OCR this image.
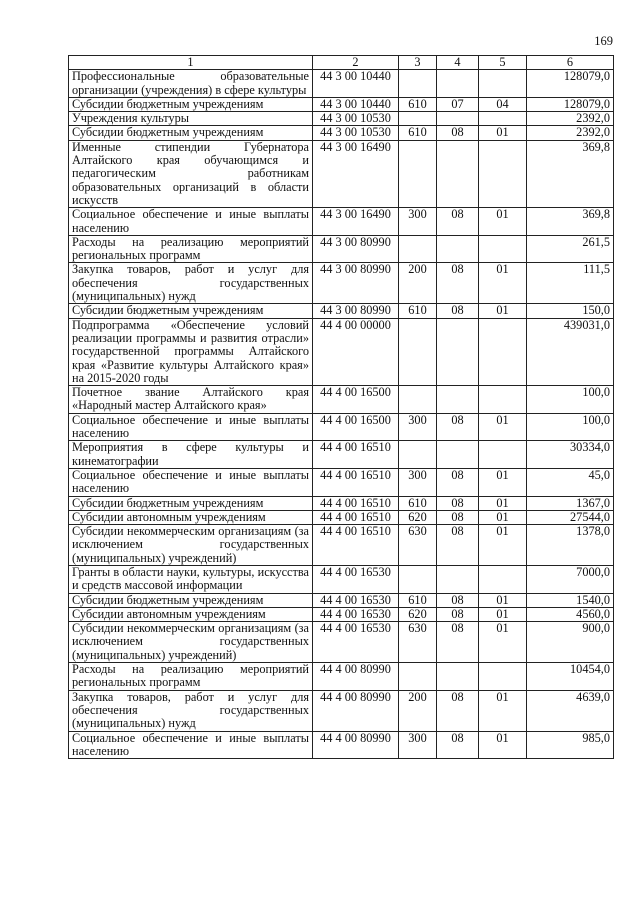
169
1	2	3	4	5	6
Профессиональные образовательные организации (учреждения) в сфере культуры	44 3 00 10440				128079,0
Субсидии бюджетным учреждениям	44 3 00 10440	610	07	04	128079,0
Учреждения культуры	44 3 00 10530				2392,0
Субсидии бюджетным учреждениям	44 3 00 10530	610	08	01	2392,0
Именные стипендии Губернатора Алтайского края обучающимся и педагогическим работникам образовательных организаций в области искусств	44 3 00 16490				369,8
Социальное обеспечение и иные выплаты населению	44 3 00 16490	300	08	01	369,8
Расходы на реализацию мероприятий региональных программ	44 3 00 80990				261,5
Закупка товаров, работ и услуг для обеспечения государственных (муниципальных) нужд	44 3 00 80990	200	08	01	111,5
Субсидии бюджетным учреждениям	44 3 00 80990	610	08	01	150,0
Подпрограмма «Обеспечение условий реализации программы и развития отрасли» государственной программы Алтайского края «Развитие культуры Алтайского края» на 2015-2020 годы	44 4 00 00000				439031,0
Почетное звание Алтайского края «Народный мастер Алтайского края»	44 4 00 16500				100,0
Социальное обеспечение и иные выплаты населению	44 4 00 16500	300	08	01	100,0
Мероприятия в сфере культуры и кинематографии	44 4 00 16510				30334,0
Социальное обеспечение и иные выплаты населению	44 4 00 16510	300	08	01	45,0
Субсидии бюджетным учреждениям	44 4 00 16510	610	08	01	1367,0
Субсидии автономным учреждениям	44 4 00 16510	620	08	01	27544,0
Субсидии некоммерческим организациям (за исключением государственных (муниципальных) учреждений)	44 4 00 16510	630	08	01	1378,0
Гранты в области науки, культуры, искусства и средств массовой информации	44 4 00 16530				7000,0
Субсидии бюджетным учреждениям	44 4 00 16530	610	08	01	1540,0
Субсидии автономным учреждениям	44 4 00 16530	620	08	01	4560,0
Субсидии некоммерческим организациям (за исключением государственных (муниципальных) учреждений)	44 4 00 16530	630	08	01	900,0
Расходы на реализацию мероприятий региональных программ	44 4 00 80990				10454,0
Закупка товаров, работ и услуг для обеспечения государственных (муниципальных) нужд	44 4 00 80990	200	08	01	4639,0
Социальное обеспечение и иные выплаты населению	44 4 00 80990	300	08	01	985,0
